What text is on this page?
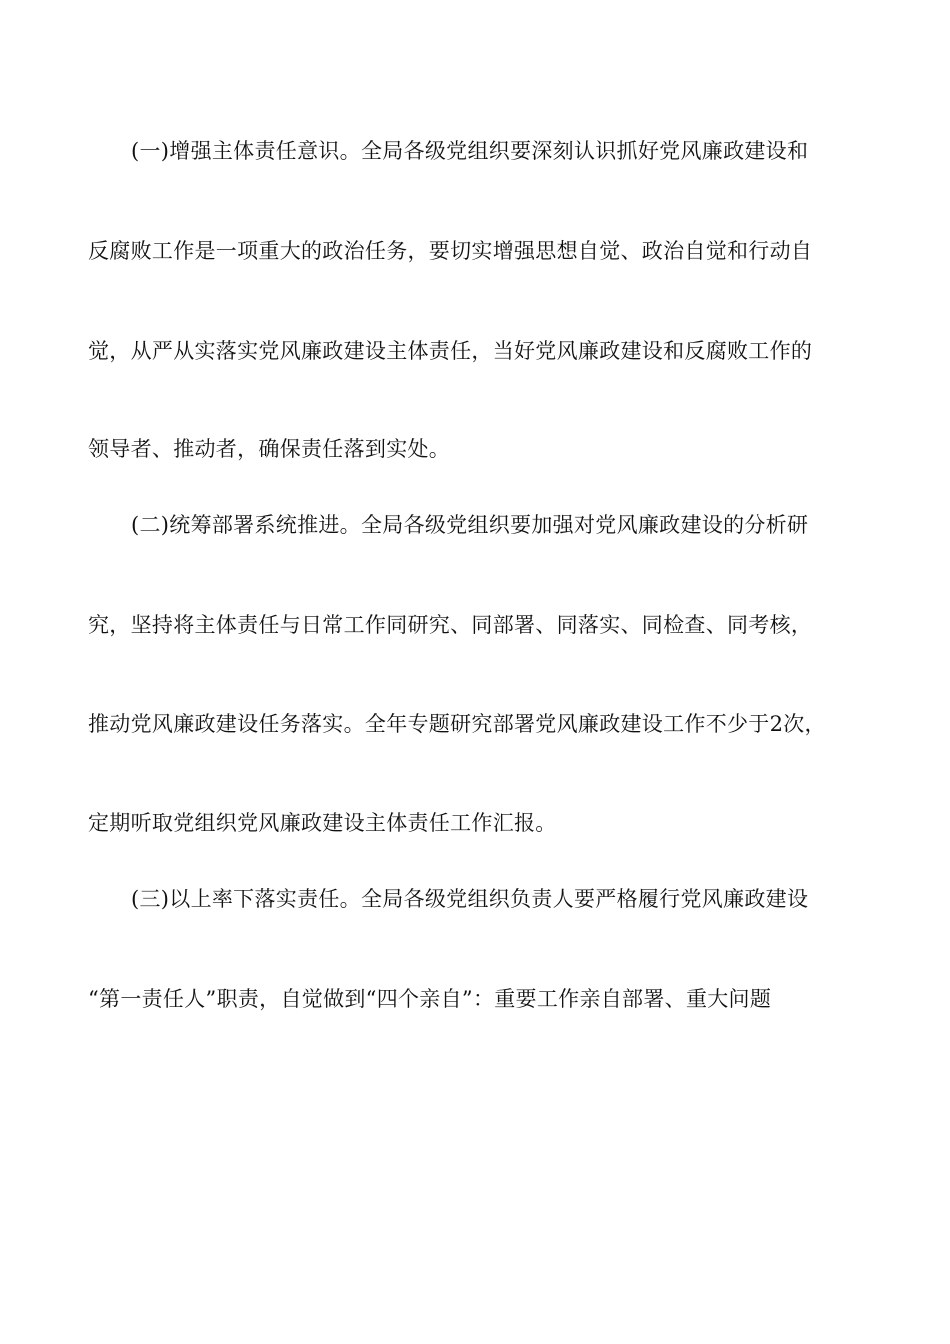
(一)增强主体责任意识。全局各级党组织要深刻认识抓好党风廉政建设和
反腐败工作是一项重大的政治任务，要切实增强思想自觉、政治自觉和行动自
觉，从严从实落实党风廉政建设主体责任，当好党风廉政建设和反腐败工作的
领导者、推动者，确保责任落到实处。
(二)统筹部署系统推进。全局各级党组织要加强对党风廉政建设的分析研
究，坚持将主体责任与日常工作同研究、同部署、同落实、同检查、同考核，
推动党风廉政建设任务落实。全年专题研究部署党风廉政建设工作不少于2次，
定期听取党组织党风廉政建设主体责任工作汇报。
(三)以上率下落实责任。全局各级党组织负责人要严格履行党风廉政建设
“第一责任人”职责，自觉做到“四个亲自”：重要工作亲自部署、重大问题
